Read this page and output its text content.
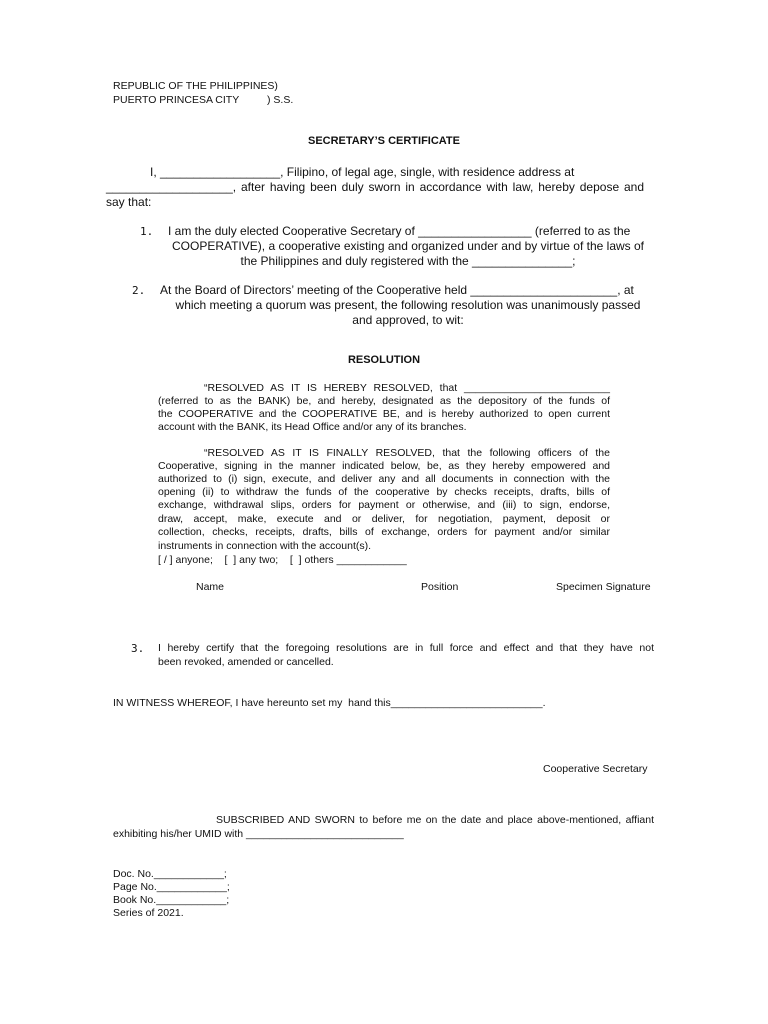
REPUBLIC OF THE PHILIPPINES)
PUERTO PRINCESA CITY	) S.S.
SECRETARY’S CERTIFICATE
I, __________________, Filipino, of legal age, single, with residence address at
___________________, after having been duly sworn in accordance with law, hereby depose and
say that:
1. I am the duly elected Cooperative Secretary of _________________ (referred to as the
COOPERATIVE), a cooperative existing and organized under and by virtue of the laws of
the Philippines and duly registered with the _______________;
2. At the Board of Directors’ meeting of the Cooperative held ______________________, at
which meeting a quorum was present, the following resolution was unanimously passed
and approved, to wit:
RESOLUTION
“RESOLVED AS IT IS HEREBY RESOLVED, that _________________________
(referred to as the BANK) be, and hereby, designated as the depository of the funds of
the COOPERATIVE and the COOPERATIVE BE, and is hereby authorized to open current
account with the BANK, its Head Office and/or any of its branches.
“RESOLVED AS IT IS FINALLY RESOLVED, that the following officers of the
Cooperative, signing in the manner indicated below, be, as they hereby empowered and
authorized to (i) sign, execute, and deliver any and all documents in connection with the
opening (ii) to withdraw the funds of the cooperative by checks receipts, drafts, bills of
exchange, withdrawal slips, orders for payment or otherwise, and (iii) to sign, endorse,
draw, accept, make, execute and or deliver, for negotiation, payment, deposit or
collection, checks, receipts, drafts, bills of exchange, orders for payment and/or similar
instruments in connection with the account(s).
[ / ] anyone;    [  ] any two;    [  ] others ____________
Name	Position	Specimen Signature
3. I hereby certify that the foregoing resolutions are in full force and effect and that they have not
been revoked, amended or cancelled.
IN WITNESS WHEREOF, I have hereunto set my  hand this__________________________.
Cooperative Secretary
SUBSCRIBED AND SWORN to before me on the date and place above-mentioned, affiant
exhibiting his/her UMID with ___________________________
Doc. No.____________;
Page No.____________;
Book No.____________;
Series of 2021.
